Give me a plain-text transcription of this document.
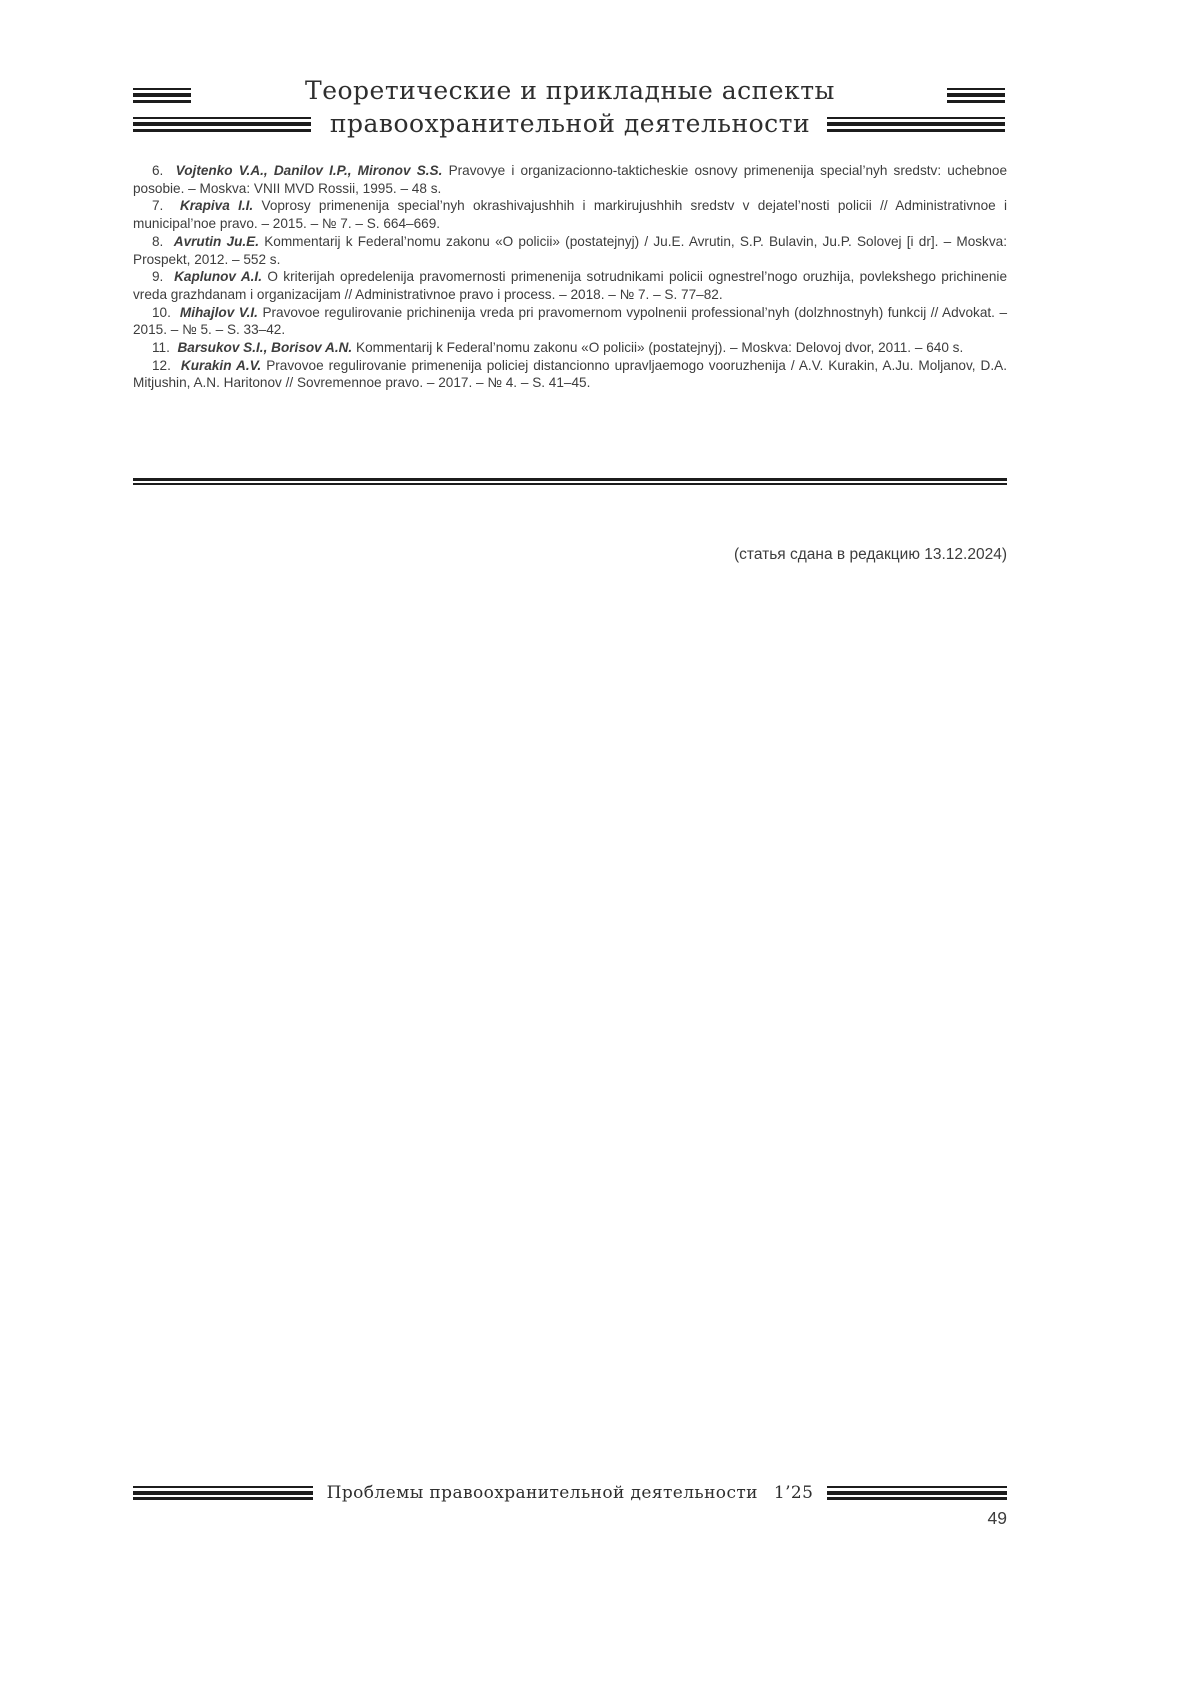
Теоретические и прикладные аспекты
правоохранительной деятельности

6. Vojtenko V.A., Danilov I.P., Mironov S.S. Pravovye i organizacionno-takticheskie osnovy primenenija special’nyh sredstv: uchebnoe posobie. – Moskva: VNII MVD Rossii, 1995. – 48 s.

7. Krapiva I.I. Voprosy primenenija special’nyh okrashivajushhih i markirujushhih sredstv v dejatel’nosti policii // Administrativnoe i municipal’noe pravo. – 2015. – № 7. – S. 664–669.

8. Avrutin Ju.E. Kommentarij k Federal’nomu zakonu «O policii» (postatejnyj) / Ju.E. Avrutin, S.P. Bulavin, Ju.P. Solovej [i dr]. – Moskva: Prospekt, 2012. – 552 s.

9. Kaplunov A.I. O kriterijah opredelenija pravomernosti primenenija sotrudnikami policii ognestrel’nogo oruzhija, povlekshego prichinenie vreda grazhdanam i organizacijam // Administrativnoe pravo i process. – 2018. – № 7. – S. 77–82.

10. Mihajlov V.I. Pravovoe regulirovanie prichinenija vreda pri pravomernom vypolnenii professional’nyh (dolzhnostnyh) funkcij // Advokat. – 2015. – № 5. – S. 33–42.

11. Barsukov S.I., Borisov A.N. Kommentarij k Federal’nomu zakonu «O policii» (postatejnyj). – Moskva: Delovoj dvor, 2011. – 640 s.

12. Kurakin A.V. Pravovoe regulirovanie primenenija policiej distancionno upravljaemogo vooruzhenija / A.V. Kurakin, A.Ju. Moljanov, D.A. Mitjushin, A.N. Haritonov // Sovremennoe pravo. – 2017. – № 4. – S. 41–45.

(статья сдана в редакцию 13.12.2024)

Проблемы правоохранительной деятельности 1’25
49
